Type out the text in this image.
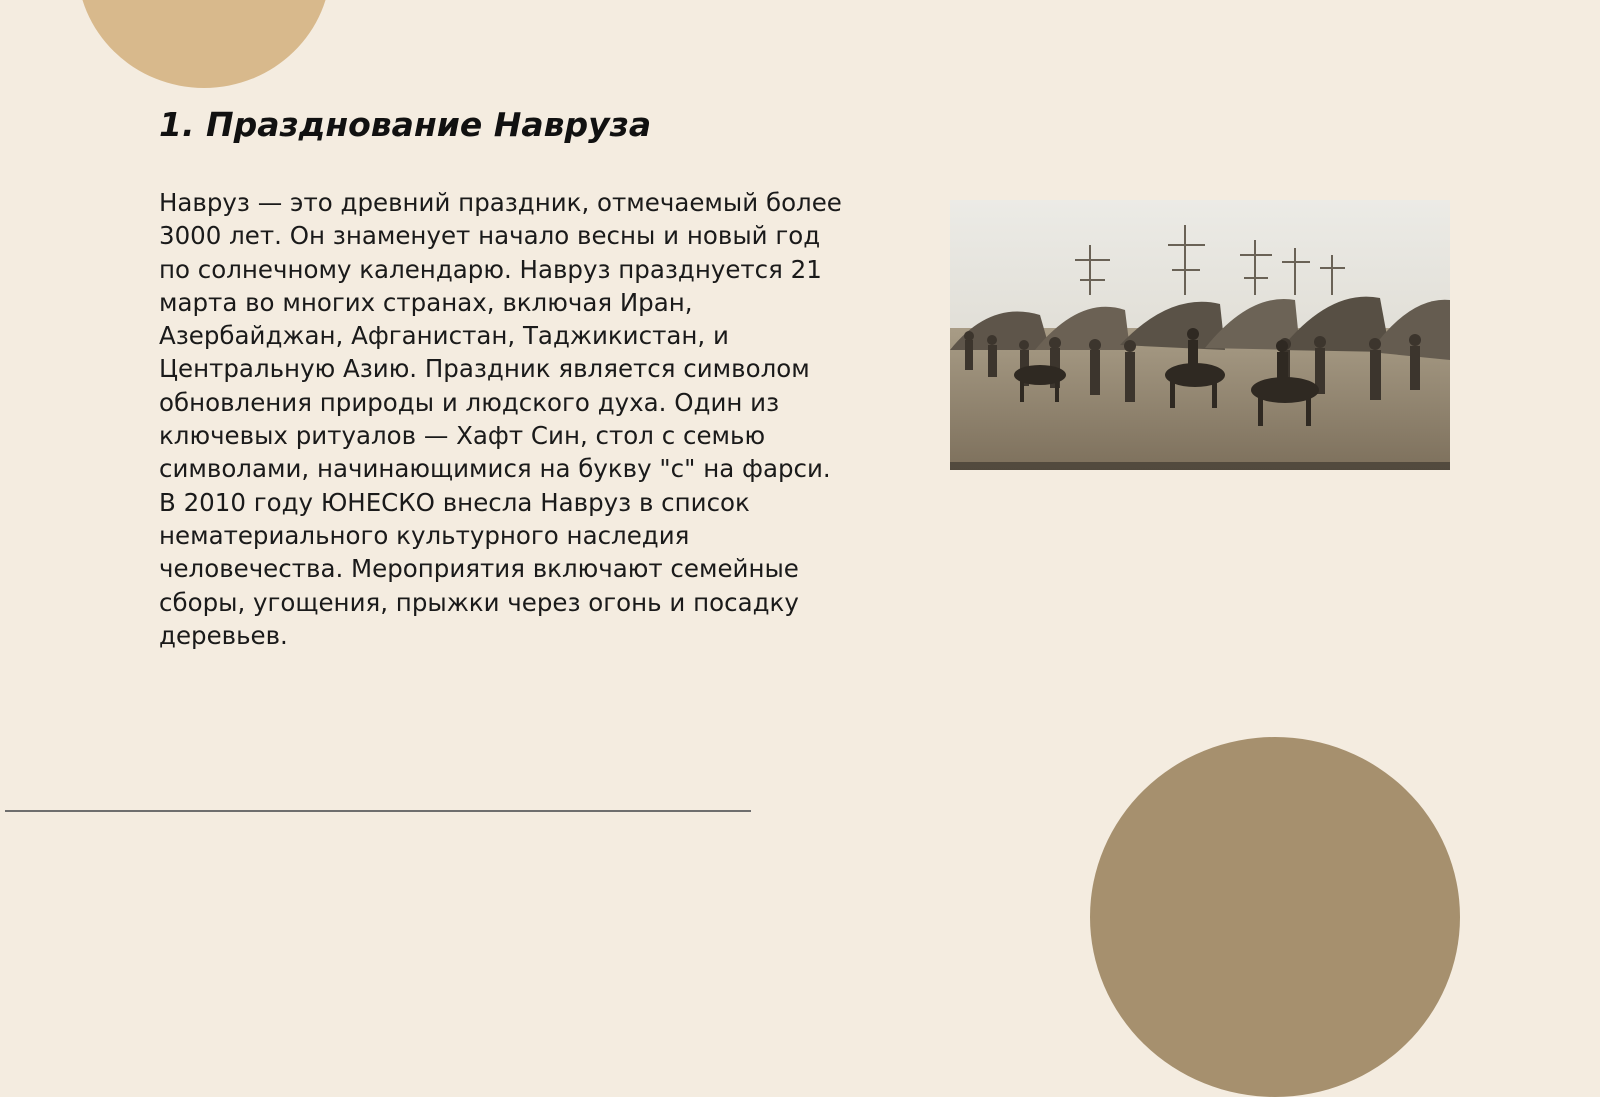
1. Празднование Навруза

Навруз — это древний праздник, отмечаемый более 3000 лет. Он знаменует начало весны и новый год по солнечному календарю. Навруз празднуется 21 марта во многих странах, включая Иран, Азербайджан, Афганистан, Таджикистан, и Центральную Азию. Праздник является символом обновления природы и людского духа. Один из ключевых ритуалов — Хафт Син, стол с семью символами, начинающимися на букву "с" на фарси. В 2010 году ЮНЕСКО внесла Навруз в список нематериального культурного наследия человечества. Мероприятия включают семейные сборы, угощения, прыжки через огонь и посадку деревьев.
